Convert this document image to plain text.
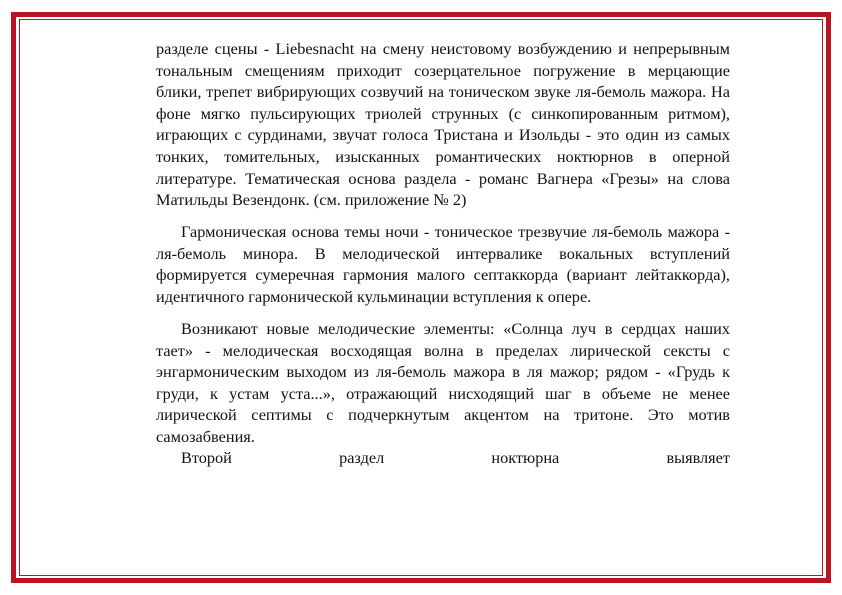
разделе сцены - Liebesnacht на смену неистовому возбуждению и непрерывным тональным смещениям приходит созерцательное погружение в мерцающие блики, трепет вибрирующих созвучий на тоническом звуке ля-бемоль мажора. На фоне мягко пульсирующих триолей струнных (с синкопированным ритмом), играющих с сурдинами, звучат голоса Тристана и Изольды - это один из самых тонких, томительных, изысканных романтических ноктюрнов в оперной литературе. Тематическая основа раздела - романс Вагнера «Грезы» на слова Матильды Везендонк. (см. приложение № 2)

Гармоническая основа темы ночи - тоническое трезвучие ля-бемоль мажора - ля-бемоль минора. В мелодической интервалике вокальных вступлений формируется сумеречная гармония малого септаккорда (вариант лейтаккорда), идентичного гармонической кульминации вступления к опере.

Возникают новые мелодические элементы: «Солнца луч в сердцах наших тает» - мелодическая восходящая волна в пределах лирической сексты с энгармоническим выходом из ля-бемоль мажора в ля мажор; рядом - «Грудь к груди, к устам уста...», отражающий нисходящий шаг в объеме не менее лирической септимы с подчеркнутым акцентом на тритоне. Это мотив самозабвения.
Второй раздел ноктюрна выявляет
